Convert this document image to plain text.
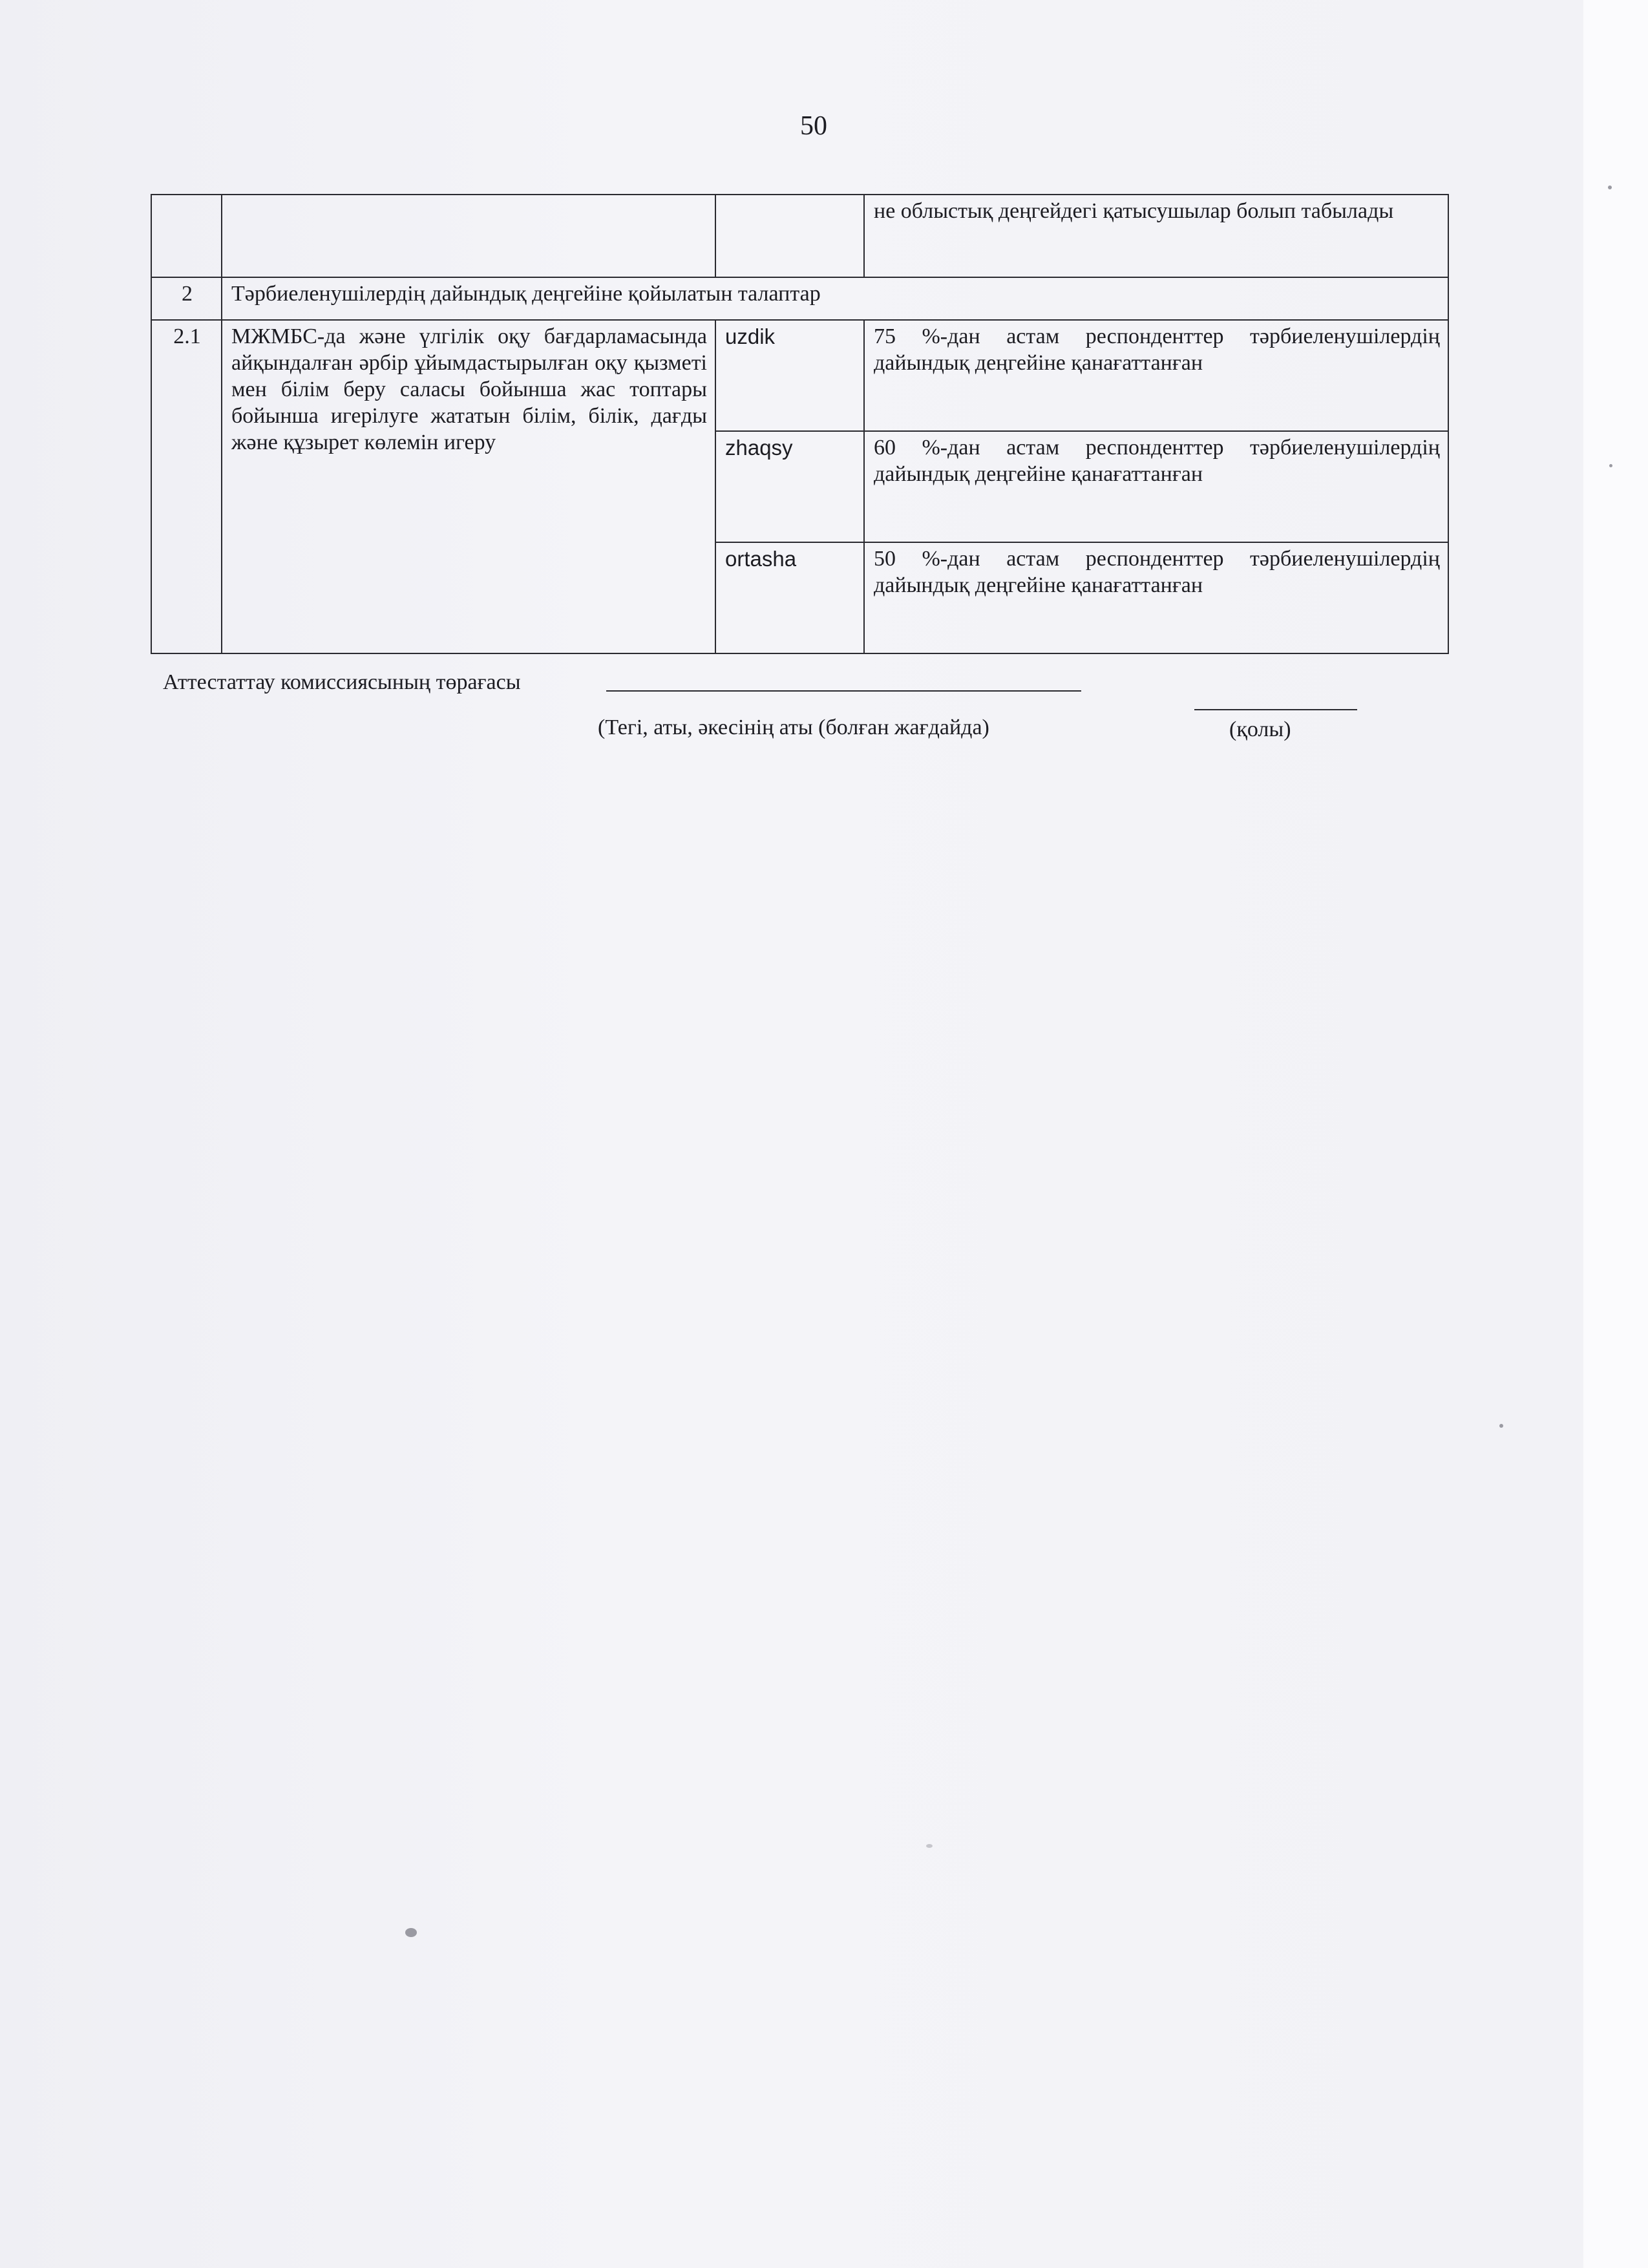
50
			не облыстық деңгейдегі қатысушылар болып табылады
2	Тәрбиеленушілердің дайындық деңгейіне қойылатын талаптар		
2.1	МЖМБС-да және үлгілік оқу бағдарламасында айқындалған әрбір ұйымдастырылған оқу қызметі мен білім беру саласы бойынша жас топтары бойынша игерілуге жататын білім, білік, дағды және құзырет көлемін игеру	uzdik	75 %-дан астам респонденттер тәрбиеленушілердің дайындық деңгейіне қанағаттанған
		zhaqsy	60 %-дан астам респонденттер тәрбиеленушілердің дайындық деңгейіне қанағаттанған
		ortasha	50 %-дан астам респонденттер тәрбиеленушілердің дайындық деңгейіне қанағаттанған
Аттестаттау комиссиясының төрағасы
(Тегі, аты, әкесінің аты (болған жағдайда)	(қолы)
